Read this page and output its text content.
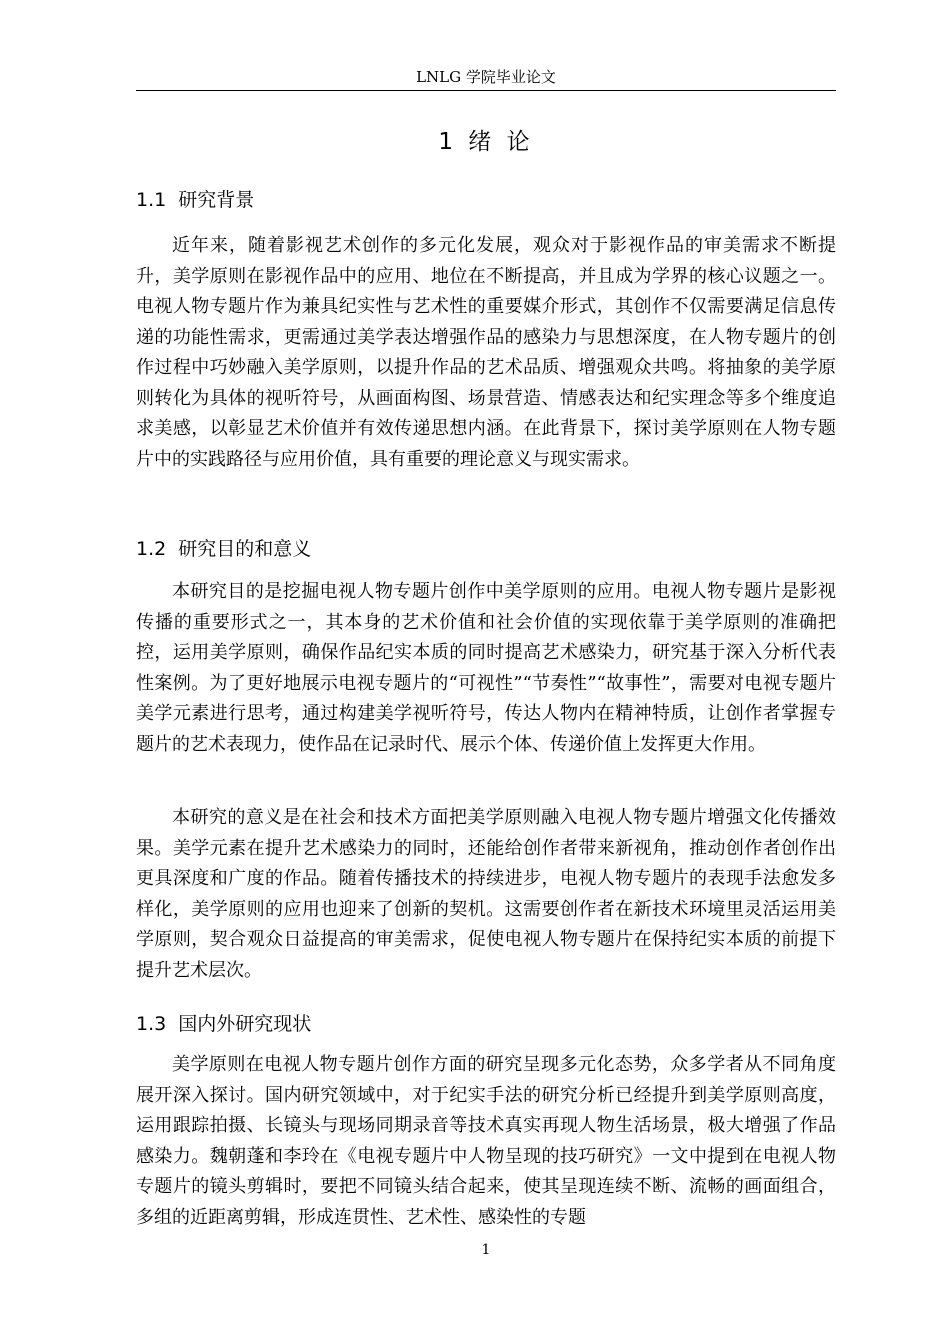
LNLG 学院毕业论文
1 绪 论
1.1 研究背景

近年来，随着影视艺术创作的多元化发展，观众对于影视作品的审美需求不断提升，美学原则在影视作品中的应用、地位在不断提高，并且成为学界的核心议题之一。电视人物专题片作为兼具纪实性与艺术性的重要媒介形式，其创作不仅需要满足信息传递的功能性需求，更需通过美学表达增强作品的感染力与思想深度，在人物专题片的创作过程中巧妙融入美学原则，以提升作品的艺术品质、增强观众共鸣。将抽象的美学原则转化为具体的视听符号，从画面构图、场景营造、情感表达和纪实理念等多个维度追求美感，以彰显艺术价值并有效传递思想内涵。在此背景下，探讨美学原则在人物专题片中的实践路径与应用价值，具有重要的理论意义与现实需求。

1.2 研究目的和意义

本研究目的是挖掘电视人物专题片创作中美学原则的应用。电视人物专题片是影视传播的重要形式之一，其本身的艺术价值和社会价值的实现依靠于美学原则的准确把控，运用美学原则，确保作品纪实本质的同时提高艺术感染力，研究基于深入分析代表性案例。为了更好地展示电视专题片的“可视性”“节奏性”“故事性”，需要对电视专题片美学元素进行思考，通过构建美学视听符号，传达人物内在精神特质，让创作者掌握专题片的艺术表现力，使作品在记录时代、展示个体、传递价值上发挥更大作用。

本研究的意义是在社会和技术方面把美学原则融入电视人物专题片增强文化传播效果。美学元素在提升艺术感染力的同时，还能给创作者带来新视角，推动创作者创作出更具深度和广度的作品。随着传播技术的持续进步，电视人物专题片的表现手法愈发多样化，美学原则的应用也迎来了创新的契机。这需要创作者在新技术环境里灵活运用美学原则，契合观众日益提高的审美需求，促使电视人物专题片在保持纪实本质的前提下提升艺术层次。

1.3 国内外研究现状

美学原则在电视人物专题片创作方面的研究呈现多元化态势，众多学者从不同角度展开深入探讨。国内研究领域中，对于纪实手法的研究分析已经提升到美学原则高度，运用跟踪拍摄、长镜头与现场同期录音等技术真实再现人物生活场景，极大增强了作品感染力。魏朝蓬和李玲在《电视专题片中人物呈现的技巧研究》一文中提到在电视人物专题片的镜头剪辑时，要把不同镜头结合起来，使其呈现连续不断、流畅的画面组合，多组的近距离剪辑，形成连贯性、艺术性、感染性的专题

1
